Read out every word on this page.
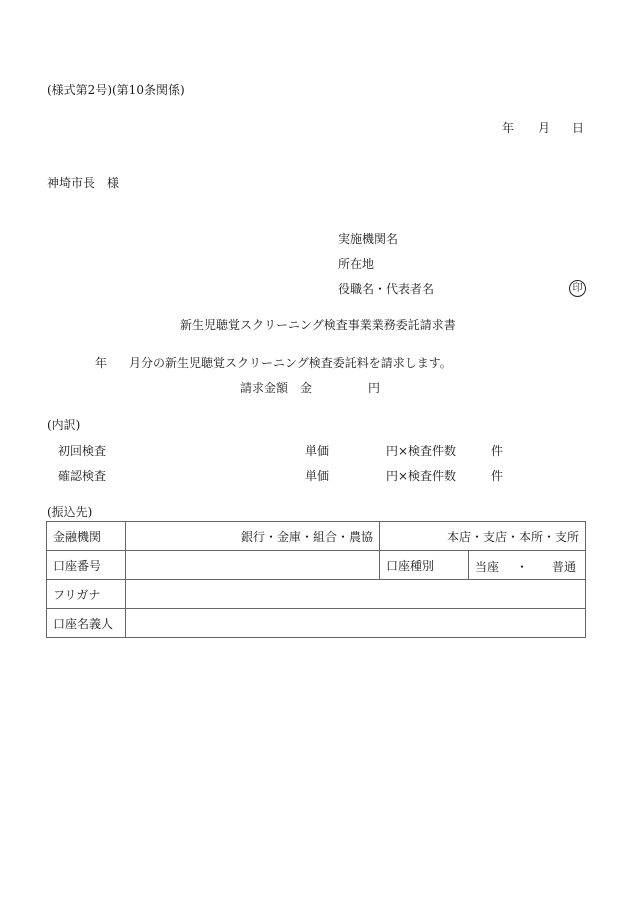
(様式第2号)(第10条関係)
年 月 日
神埼市長　様
実施機関名
所在地
役職名・代表者名	印
新生児聴覚スクリーニング検査事業業務委託請求書
年 月分の新生児聴覚スクリーニング検査委託料を請求します。
請求金額　金	円
(内訳)
初回検査	単価	円×検査件数	件
確認検査	単価	円×検査件数	件
(振込先)
金融機関	銀行・金庫・組合・農協	本店・支店・本所・支所	
口座番号		口座種別	当座 ・ 普通

フリガナ			
口座名義人			
